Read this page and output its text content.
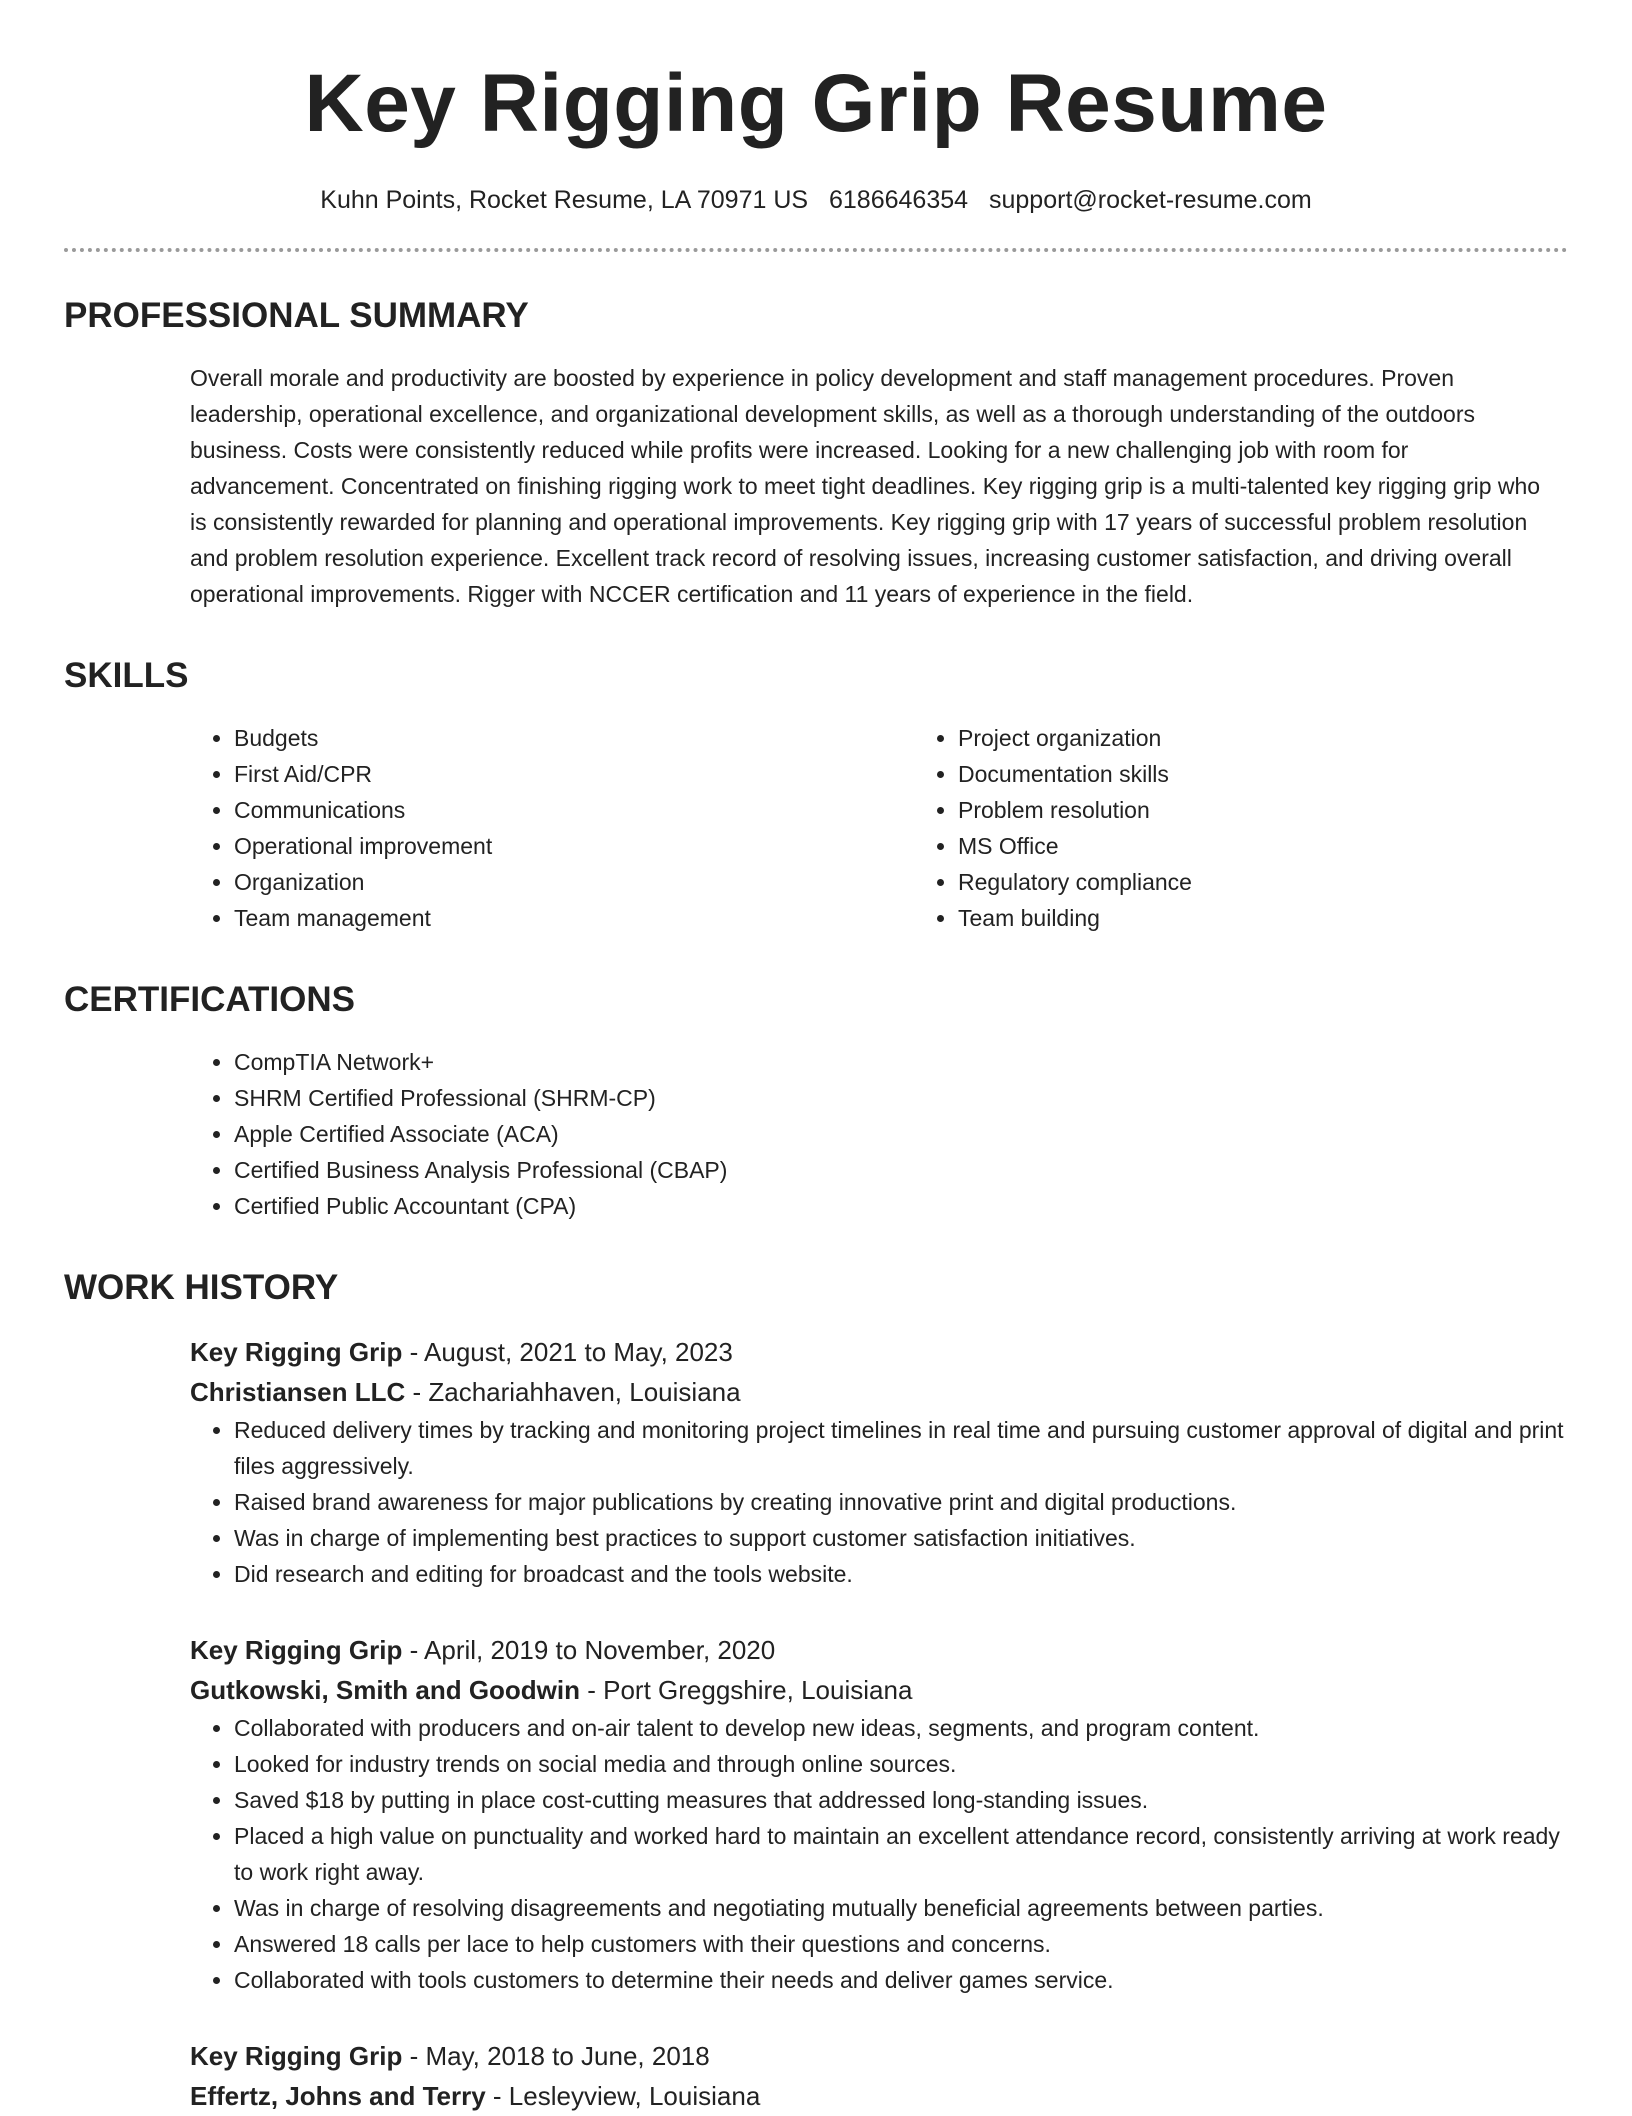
Key Rigging Grip Resume
Kuhn Points, Rocket Resume, LA 70971 US 6186646354 support@rocket-resume.com
PROFESSIONAL SUMMARY

Overall morale and productivity are boosted by experience in policy development and staff management procedures. Proven leadership, operational excellence, and organizational development skills, as well as a thorough understanding of the outdoors business. Costs were consistently reduced while profits were increased. Looking for a new challenging job with room for advancement. Concentrated on finishing rigging work to meet tight deadlines. Key rigging grip is a multi-talented key rigging grip who is consistently rewarded for planning and operational improvements. Key rigging grip with 17 years of successful problem resolution and problem resolution experience. Excellent track record of resolving issues, increasing customer satisfaction, and driving overall operational improvements. Rigger with NCCER certification and 11 years of experience in the field.

SKILLS
• Budgets
• First Aid/CPR
• Communications
• Operational improvement
• Organization
• Team management
• Project organization
• Documentation skills
• Problem resolution
• MS Office
• Regulatory compliance
• Team building
CERTIFICATIONS
• CompTIA Network+
• SHRM Certified Professional (SHRM-CP)
• Apple Certified Associate (ACA)
• Certified Business Analysis Professional (CBAP)
• Certified Public Accountant (CPA)
WORK HISTORY
Key Rigging Grip - August, 2021 to May, 2023
Christiansen LLC - Zachariahhaven, Louisiana
• Reduced delivery times by tracking and monitoring project timelines in real time and pursuing customer approval of digital and print files aggressively.
• Raised brand awareness for major publications by creating innovative print and digital productions.
• Was in charge of implementing best practices to support customer satisfaction initiatives.
• Did research and editing for broadcast and the tools website.
Key Rigging Grip - April, 2019 to November, 2020
Gutkowski, Smith and Goodwin - Port Greggshire, Louisiana
• Collaborated with producers and on-air talent to develop new ideas, segments, and program content.
• Looked for industry trends on social media and through online sources.
• Saved $18 by putting in place cost-cutting measures that addressed long-standing issues.
• Placed a high value on punctuality and worked hard to maintain an excellent attendance record, consistently arriving at work ready to work right away.
• Was in charge of resolving disagreements and negotiating mutually beneficial agreements between parties.
• Answered 18 calls per lace to help customers with their questions and concerns.
• Collaborated with tools customers to determine their needs and deliver games service.
Key Rigging Grip - May, 2018 to June, 2018
Effertz, Johns and Terry - Lesleyview, Louisiana
